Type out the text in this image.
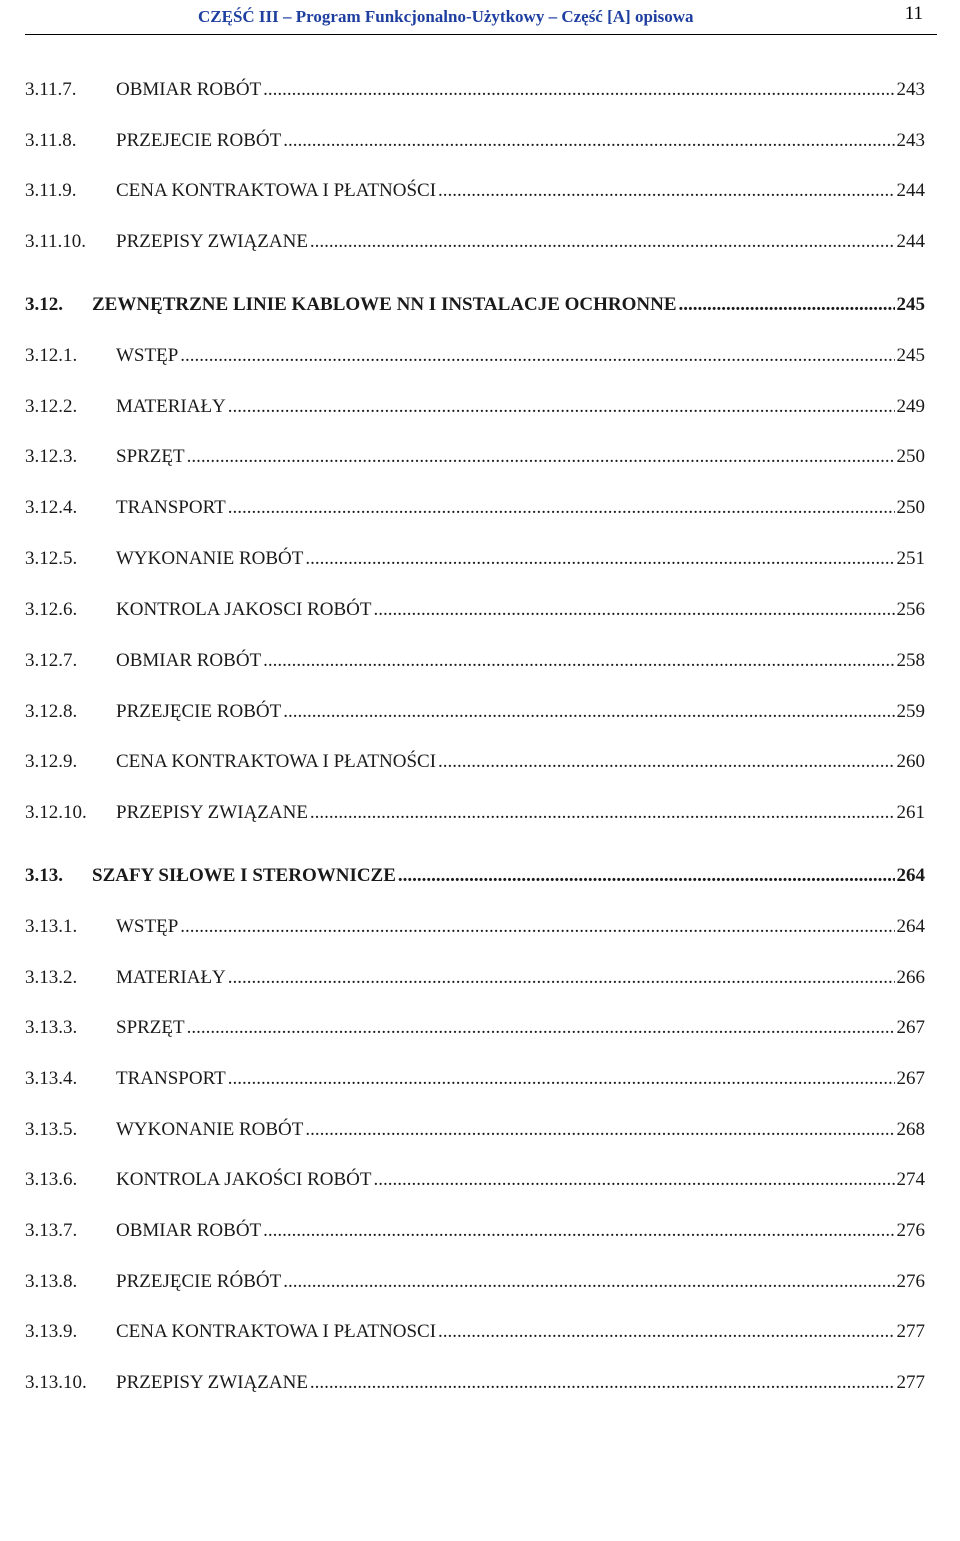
CZĘŚĆ III – Program Funkcjonalno-Użytkowy – Część [A] opisowa	11
3.11.7. OBMIAR ROBÓT .....	243
3.11.8. PRZEJECIE ROBÓT .....	243
3.11.9. CENA KONTRAKTOWA I PŁATNOŚCI .....	244
3.11.10. PRZEPISY ZWIĄZANE .....	244
3.12. ZEWNĘTRZNE LINIE KABLOWE NN I INSTALACJE OCHRONNE .....	245
3.12.1. WSTĘP .....	245
3.12.2. MATERIAŁY .....	249
3.12.3. SPRZĘT .....	250
3.12.4. TRANSPORT .....	250
3.12.5. WYKONANIE ROBÓT .....	251
3.12.6. KONTROLA JAKOSCI ROBÓT .....	256
3.12.7. OBMIAR ROBÓT .....	258
3.12.8. PRZEJĘCIE ROBÓT .....	259
3.12.9. CENA KONTRAKTOWA I PŁATNOŚCI .....	260
3.12.10. PRZEPISY ZWIĄZANE .....	261
3.13. SZAFY SIŁOWE I STEROWNICZE .....	264
3.13.1. WSTĘP .....	264
3.13.2. MATERIAŁY .....	266
3.13.3. SPRZĘT .....	267
3.13.4. TRANSPORT .....	267
3.13.5. WYKONANIE ROBÓT .....	268
3.13.6. KONTROLA JAKOŚCI ROBÓT .....	274
3.13.7. OBMIAR ROBÓT .....	276
3.13.8. PRZEJĘCIE RÓBÓT .....	276
3.13.9. CENA KONTRAKTOWA I PŁATNOSCI .....	277
3.13.10. PRZEPISY ZWIĄZANE .....	277
